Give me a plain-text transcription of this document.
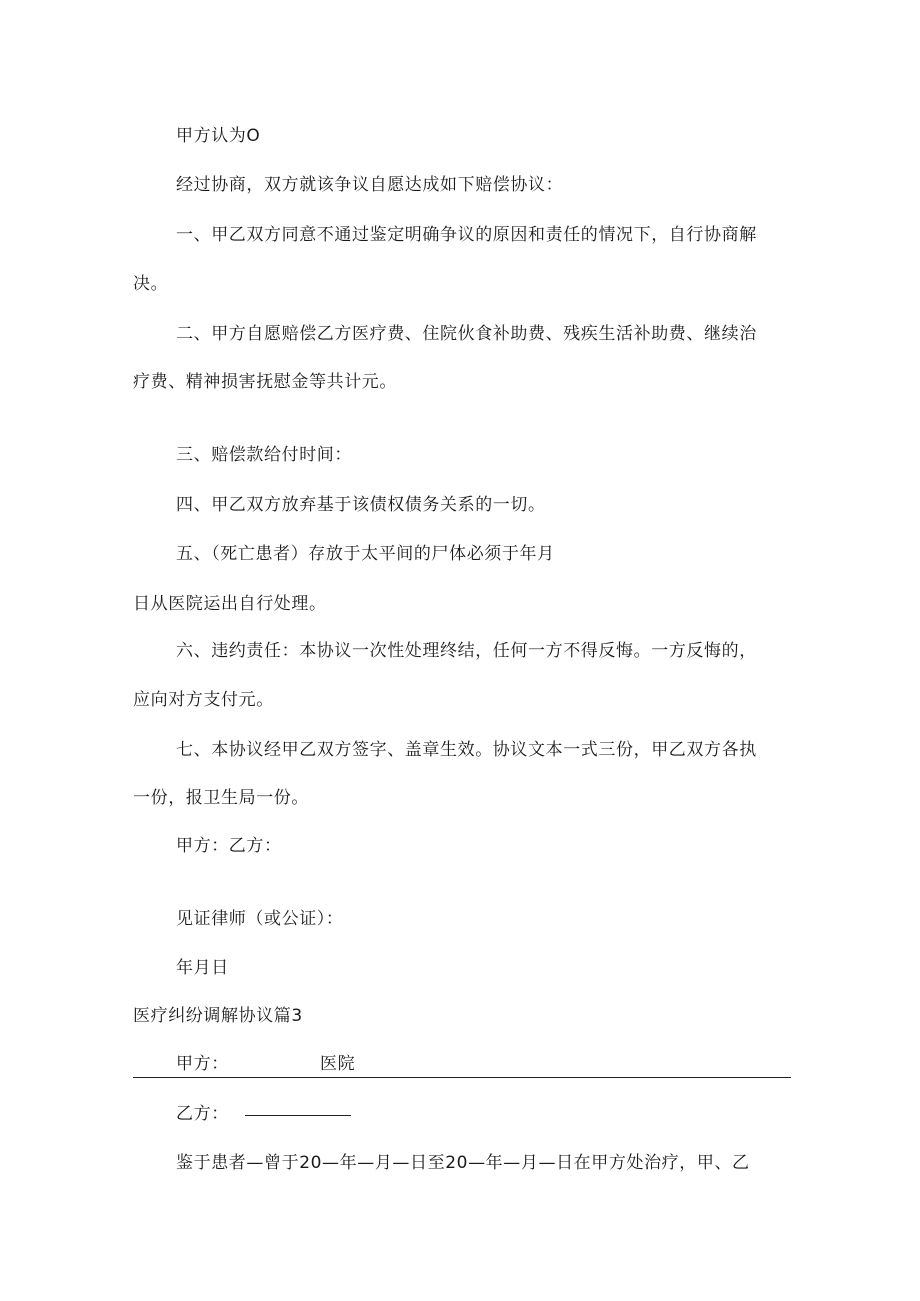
甲方认为O
经过协商，双方就该争议自愿达成如下赔偿协议：
一、甲乙双方同意不通过鉴定明确争议的原因和责任的情况下，自行协商解
决。
二、甲方自愿赔偿乙方医疗费、住院伙食补助费、残疾生活补助费、继续治
疗费、精神损害抚慰金等共计元。
三、赔偿款给付时间：
四、甲乙双方放弃基于该债权债务关系的一切。
五、（死亡患者）存放于太平间的尸体必须于年月
日从医院运出自行处理。
六、违约责任：本协议一次性处理终结，任何一方不得反悔。一方反悔的，
应向对方支付元。
七、本协议经甲乙双方签字、盖章生效。协议文本一式三份，甲乙双方各执
一份，报卫生局一份。
甲方：乙方：
见证律师（或公证）：
年月日
医疗纠纷调解协议篇3
甲方：	医院
乙方：
鉴于患者—曾于20—年—月—日至20—年—月—日在甲方处治疗，甲、乙
